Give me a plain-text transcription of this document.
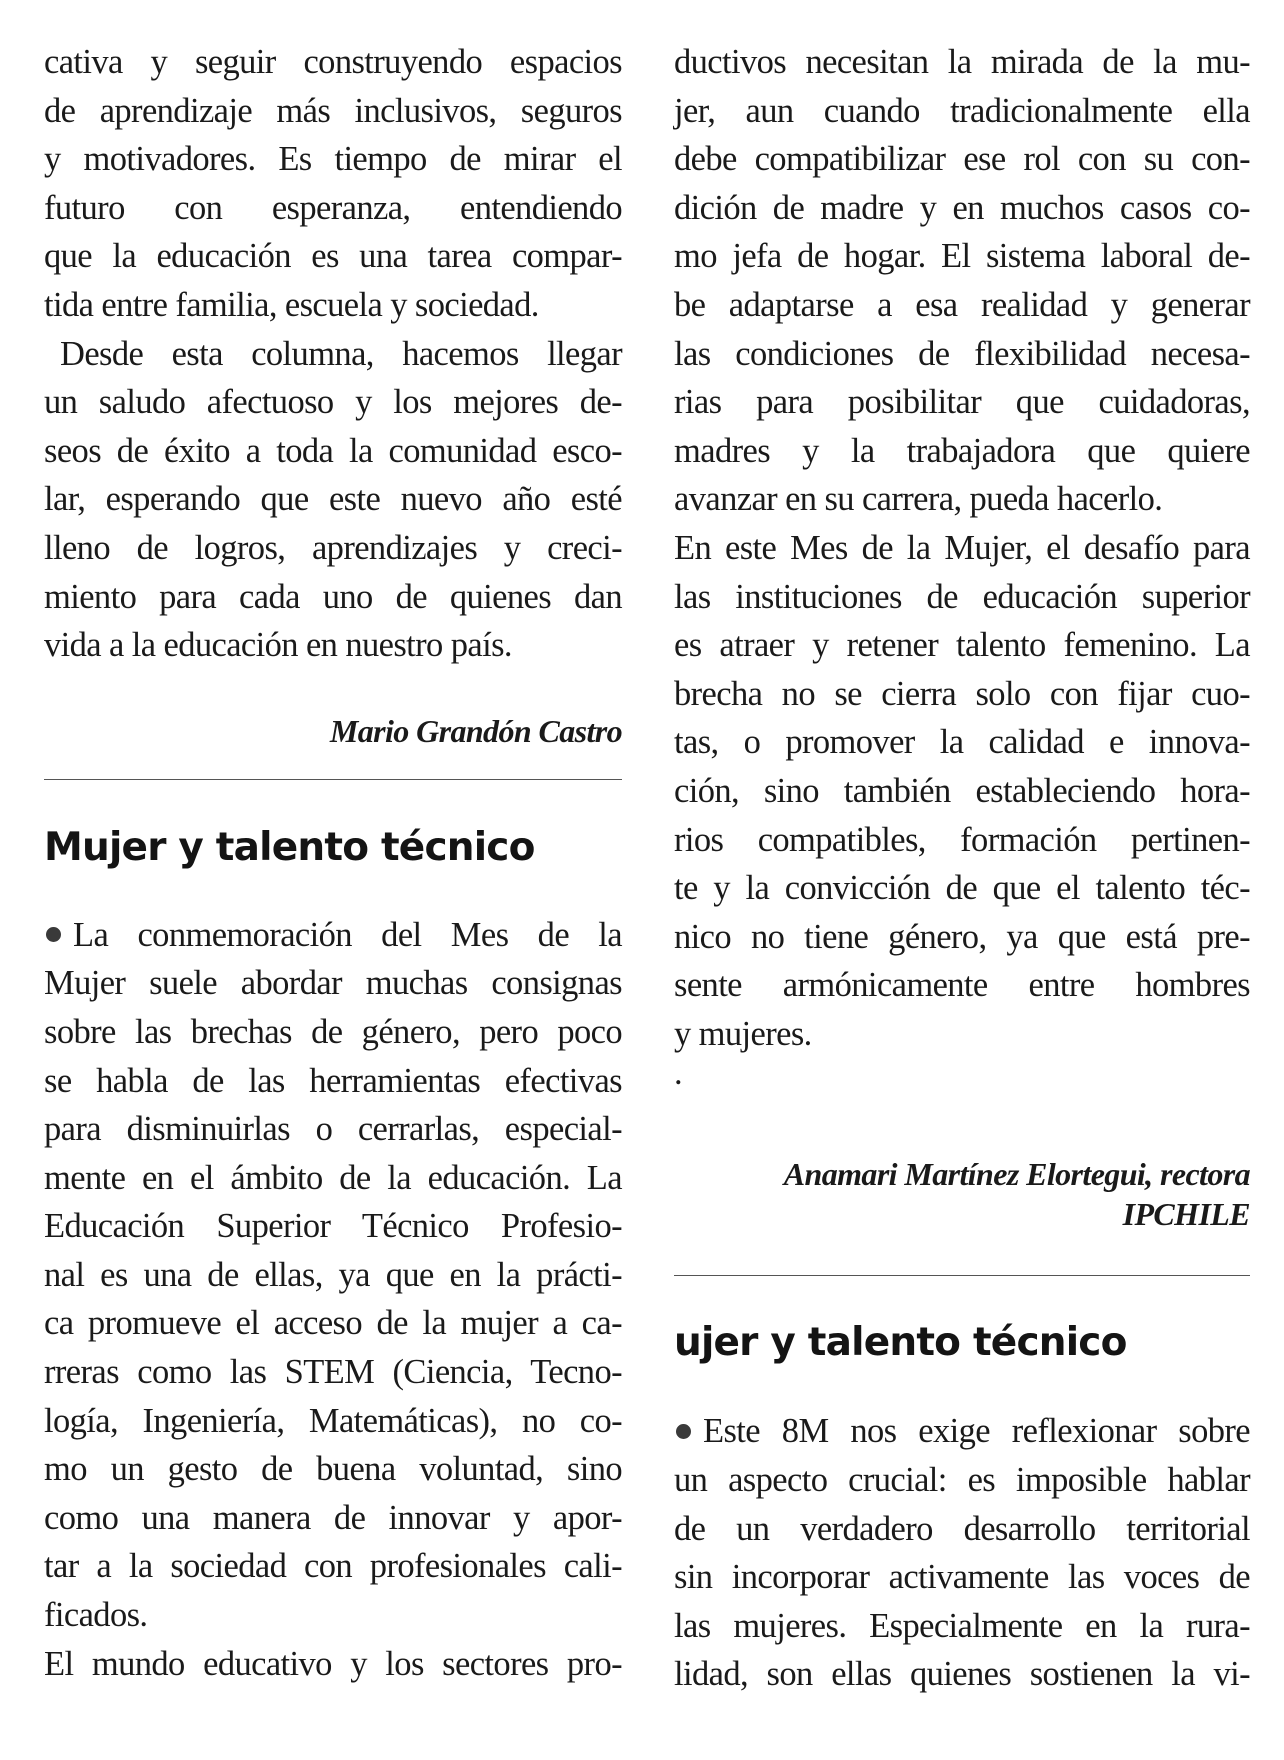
cativa y seguir construyendo espacios
de aprendizaje más inclusivos, seguros
y motivadores. Es tiempo de mirar el
futuro con esperanza, entendiendo
que la educación es una tarea compar-
tida entre familia, escuela y sociedad.
Desde esta columna, hacemos llegar
un saludo afectuoso y los mejores de-
seos de éxito a toda la comunidad esco-
lar, esperando que este nuevo año esté
lleno de logros, aprendizajes y creci-
miento para cada uno de quienes dan
vida a la educación en nuestro país.
Mario Grandón Castro
Mujer y talento técnico
La conmemoración del Mes de la
Mujer suele abordar muchas consignas
sobre las brechas de género, pero poco
se habla de las herramientas efectivas
para disminuirlas o cerrarlas, especial-
mente en el ámbito de la educación. La
Educación Superior Técnico Profesio-
nal es una de ellas, ya que en la prácti-
ca promueve el acceso de la mujer a ca-
rreras como las STEM (Ciencia, Tecno-
logía, Ingeniería, Matemáticas), no co-
mo un gesto de buena voluntad, sino
como una manera de innovar y apor-
tar a la sociedad con profesionales cali-
ficados.
El mundo educativo y los sectores pro-
ductivos necesitan la mirada de la mu-
jer, aun cuando tradicionalmente ella
debe compatibilizar ese rol con su con-
dición de madre y en muchos casos co-
mo jefa de hogar. El sistema laboral de-
be adaptarse a esa realidad y generar
las condiciones de flexibilidad necesa-
rias para posibilitar que cuidadoras,
madres y la trabajadora que quiere
avanzar en su carrera, pueda hacerlo.
En este Mes de la Mujer, el desafío para
las instituciones de educación superior
es atraer y retener talento femenino. La
brecha no se cierra solo con fijar cuo-
tas, o promover la calidad e innova-
ción, sino también estableciendo hora-
rios compatibles, formación pertinen-
te y la convicción de que el talento téc-
nico no tiene género, ya que está pre-
sente armónicamente entre hombres
y mujeres.
.
Anamari Martínez Elortegui, rectora
IPCHILE
ujer y talento técnico
Este 8M nos exige reflexionar sobre
un aspecto crucial: es imposible hablar
de un verdadero desarrollo territorial
sin incorporar activamente las voces de
las mujeres. Especialmente en la rura-
lidad, son ellas quienes sostienen la vi-
